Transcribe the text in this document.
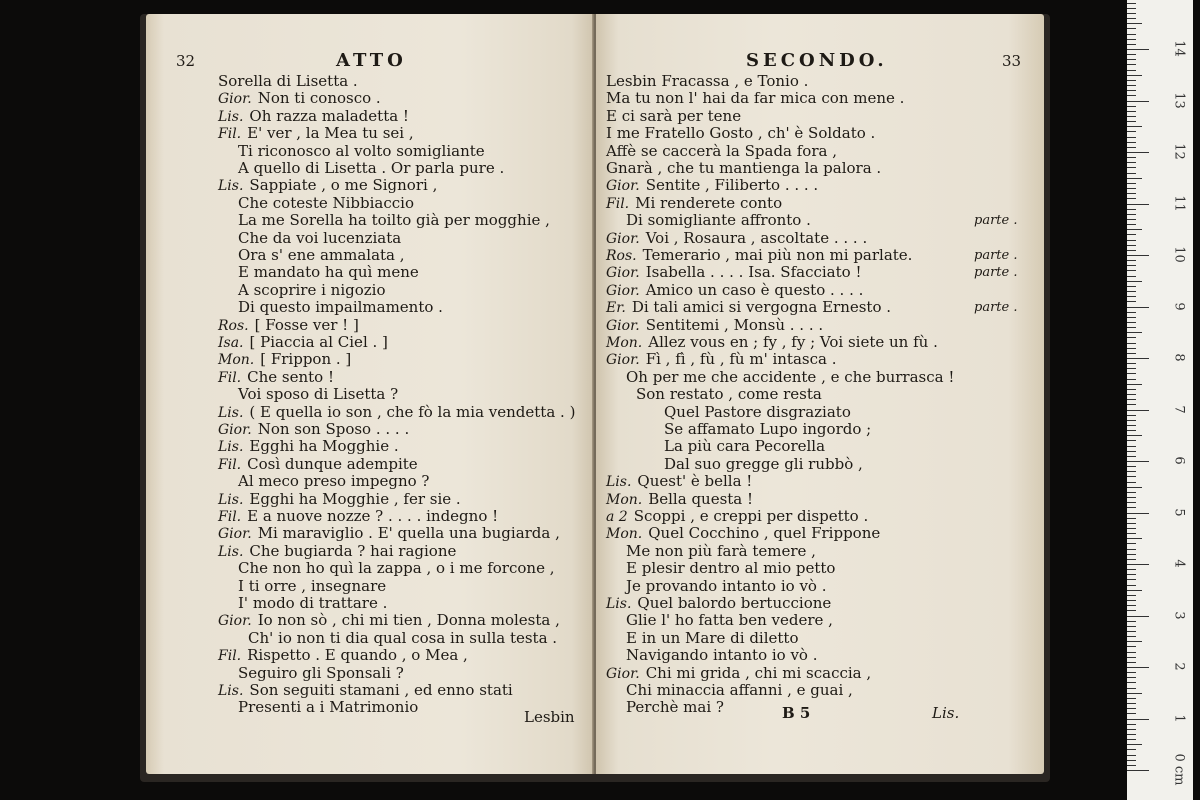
32	ATTO
Sorella di Lisetta .
Gior. Non ti conosco .
Lis. Oh razza maladetta !
Fil. E' ver , la Mea tu sei ,
Ti riconosco al volto somigliante
A quello di Lisetta . Or parla pure .
Lis. Sappiate , o me Signori ,
Che coteste Nibbiaccio
La me Sorella ha toilto già per mogghie ,
Che da voi lucenziata
Ora s' ene ammalata ,
E mandato ha quì mene
A scoprire i nigozio
Di questo impailmamento .
Ros. [ Fosse ver ! ]
Isa. [ Piaccia al Ciel . ]
Mon. [ Frippon . ]
Fil. Che sento !
Voi sposo di Lisetta ?
Lis. ( E quella io son , che fò la mia vendetta . )
Gior. Non son Sposo . . . .
Lis. Egghi ha Mogghie .
Fil. Così dunque adempite
Al meco preso impegno ?
Lis. Egghi ha Mogghie , fer sie .
Fil. E a nuove nozze ? . . . . indegno !
Gior. Mi maraviglio . E' quella una bugiarda ,
Lis. Che bugiarda ? hai ragione
Che non ho quì la zappa , o i me forcone ,
I ti orre , insegnare
I' modo di trattare .
Gior. Io non sò , chi mi tien , Donna molesta ,
Ch' io non ti dia qual cosa in sulla testa .
Fil. Rispetto . E quando , o Mea ,
Seguiro gli Sponsali ?
Lis. Son seguiti stamani , ed enno stati
Presenti a i Matrimonio
Lesbin
SECONDO.	33
Lesbin Fracassa , e Tonio .
Ma tu non l' hai da far mica con mene .
E ci sarà per tene
I me Fratello Gosto , ch' è Soldato .
Affè se caccerà la Spada fora ,
Gnarà , che tu mantienga la palora .
Gior. Sentite , Filiberto . . . .
Fil. Mi renderete conto
Di somigliante affronto .	parte .
Gior. Voi , Rosaura , ascoltate . . . .
Ros. Temerario , mai più non mi parlate.	parte .
Gior. Isabella . . . . Isa. Sfacciato !	parte .
Gior. Amico un caso è questo . . . .
Er. Di tali amici si vergogna Ernesto .	parte .
Gior. Sentitemi , Monsù . . . .
Mon. Allez vous en ; fy , fy ; Voi siete un fù .
Gior. Fì , fì , fù , fù m' intasca .
Oh per me che accidente , e che burrasca !
Son restato , come resta
Quel Pastore disgraziato
Se affamato Lupo ingordo ;
La più cara Pecorella
Dal suo gregge gli rubbò ,
Lis. Quest' è bella !
Mon. Bella questa !
a 2 Scoppi , e creppi per dispetto .
Mon. Quel Cocchino , quel Frippone
Me non più farà temere ,
E plesir dentro al mio petto
Je provando intanto io vò .
Lis. Quel balordo bertuccione
Glie l' ho fatta ben vedere ,
E in un Mare di diletto
Navigando intanto io vò .
Gior. Chi mi grida , chi mi scaccia ,
Chi minaccia affanni , e guai ,
Perchè mai ?	B 5	Lis.
0 cm
1
2
3
4
5
6
7
8
9
10
11
12
13
14
